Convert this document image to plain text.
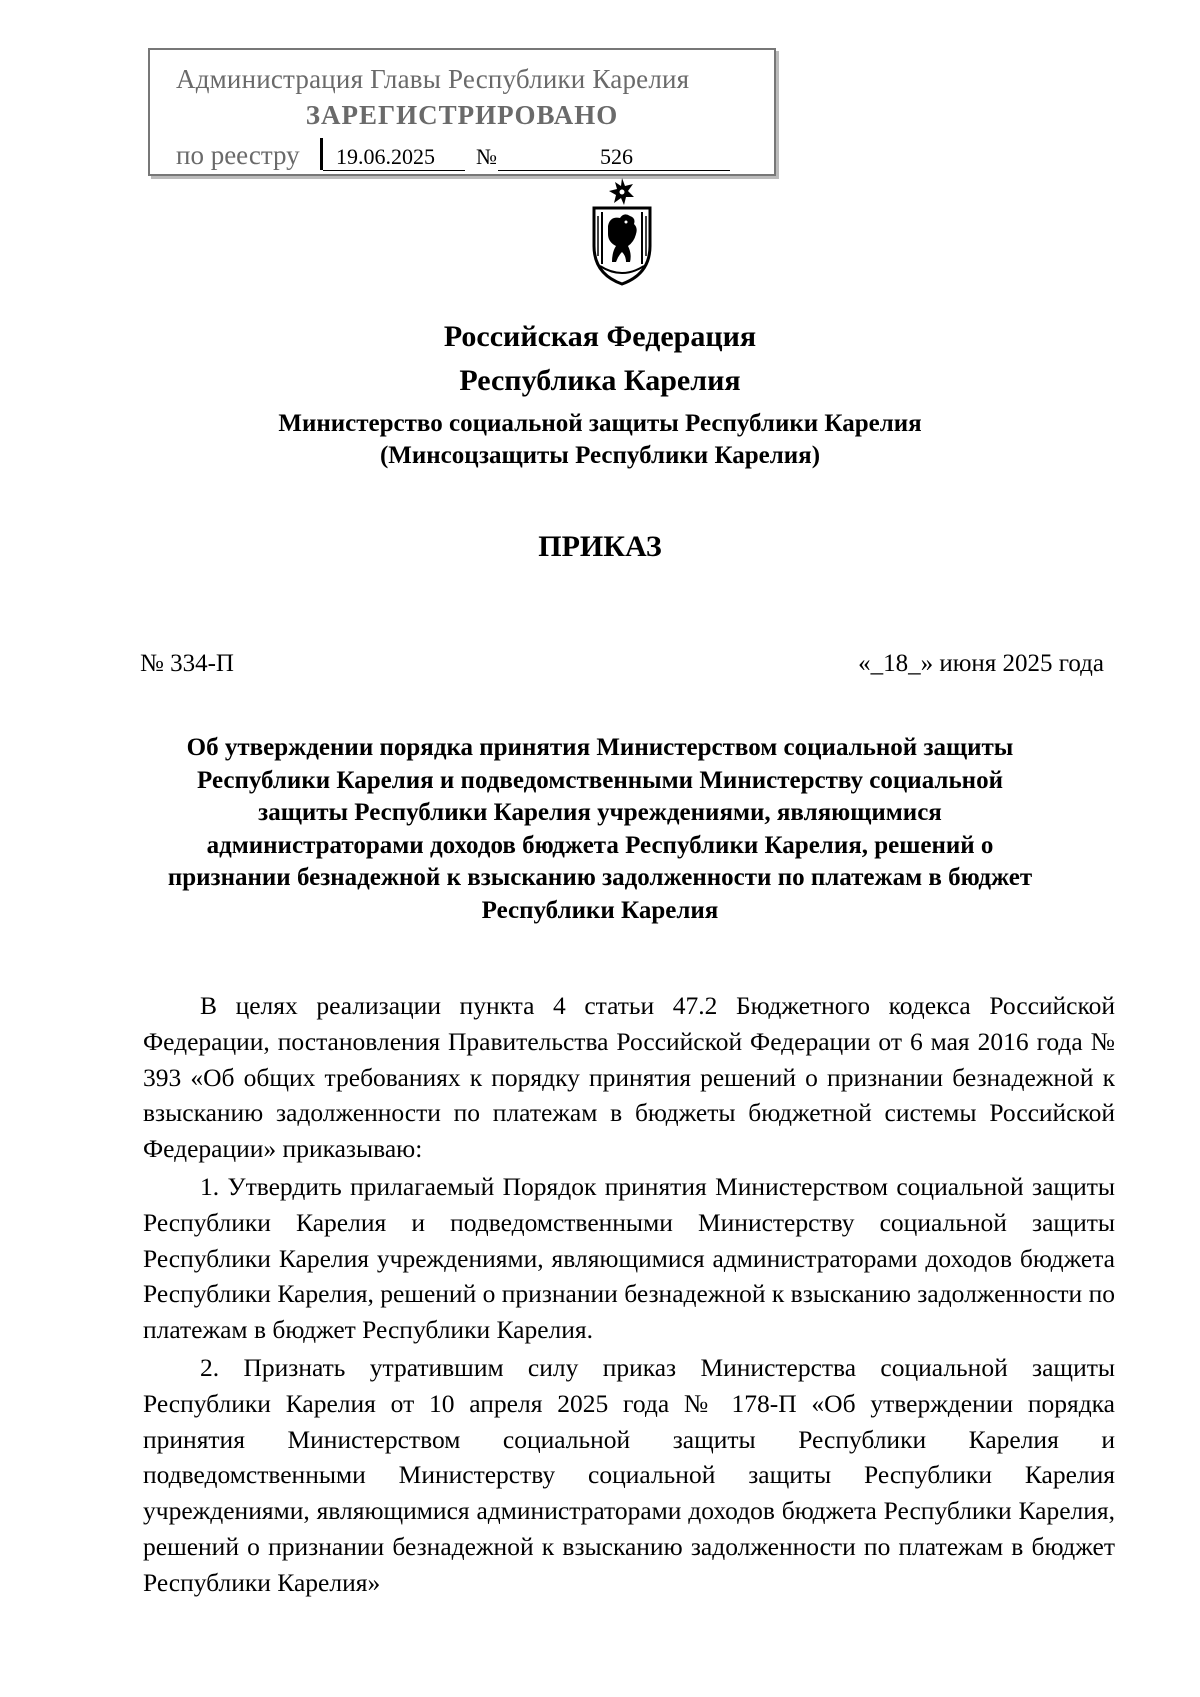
Администрация Главы Республики Карелия
ЗАРЕГИСТРИРОВАНО
по реестру 19.06.2025 №	526
Российская Федерация
Республика Карелия
Министерство социальной защиты Республики Карелия
(Минсоцзащиты Республики Карелия)
ПРИКАЗ
№ 334-П	«_18_» июня 2025 года
Об утверждении порядка принятия Министерством социальной защиты Республики Карелия и подведомственными Министерству социальной защиты Республики Карелия учреждениями, являющимися администраторами доходов бюджета Республики Карелия, решений о признании безнадежной к взысканию задолженности по платежам в бюджет Республики Карелия

В целях реализации пункта 4 статьи 47.2 Бюджетного кодекса Российской Федерации, постановления Правительства Российской Федерации от 6 мая 2016 года № 393 «Об общих требованиях к порядку принятия решений о признании безнадежной к взысканию задолженности по платежам в бюджеты бюджетной системы Российской Федерации» приказываю:

1. Утвердить прилагаемый Порядок принятия Министерством социальной защиты Республики Карелия и подведомственными Министерству социальной защиты Республики Карелия учреждениями, являющимися администраторами доходов бюджета Республики Карелия, решений о признании безнадежной к взысканию задолженности по платежам в бюджет Республики Карелия.

2. Признать утратившим силу приказ Министерства социальной защиты Республики Карелия от 10 апреля 2025 года № 178-П «Об утверждении порядка принятия Министерством социальной защиты Республики Карелия и подведомственными Министерству социальной защиты Республики Карелия учреждениями, являющимися администраторами доходов бюджета Республики Карелия, решений о признании безнадежной к взысканию задолженности по платежам в бюджет Республики Карелия»
